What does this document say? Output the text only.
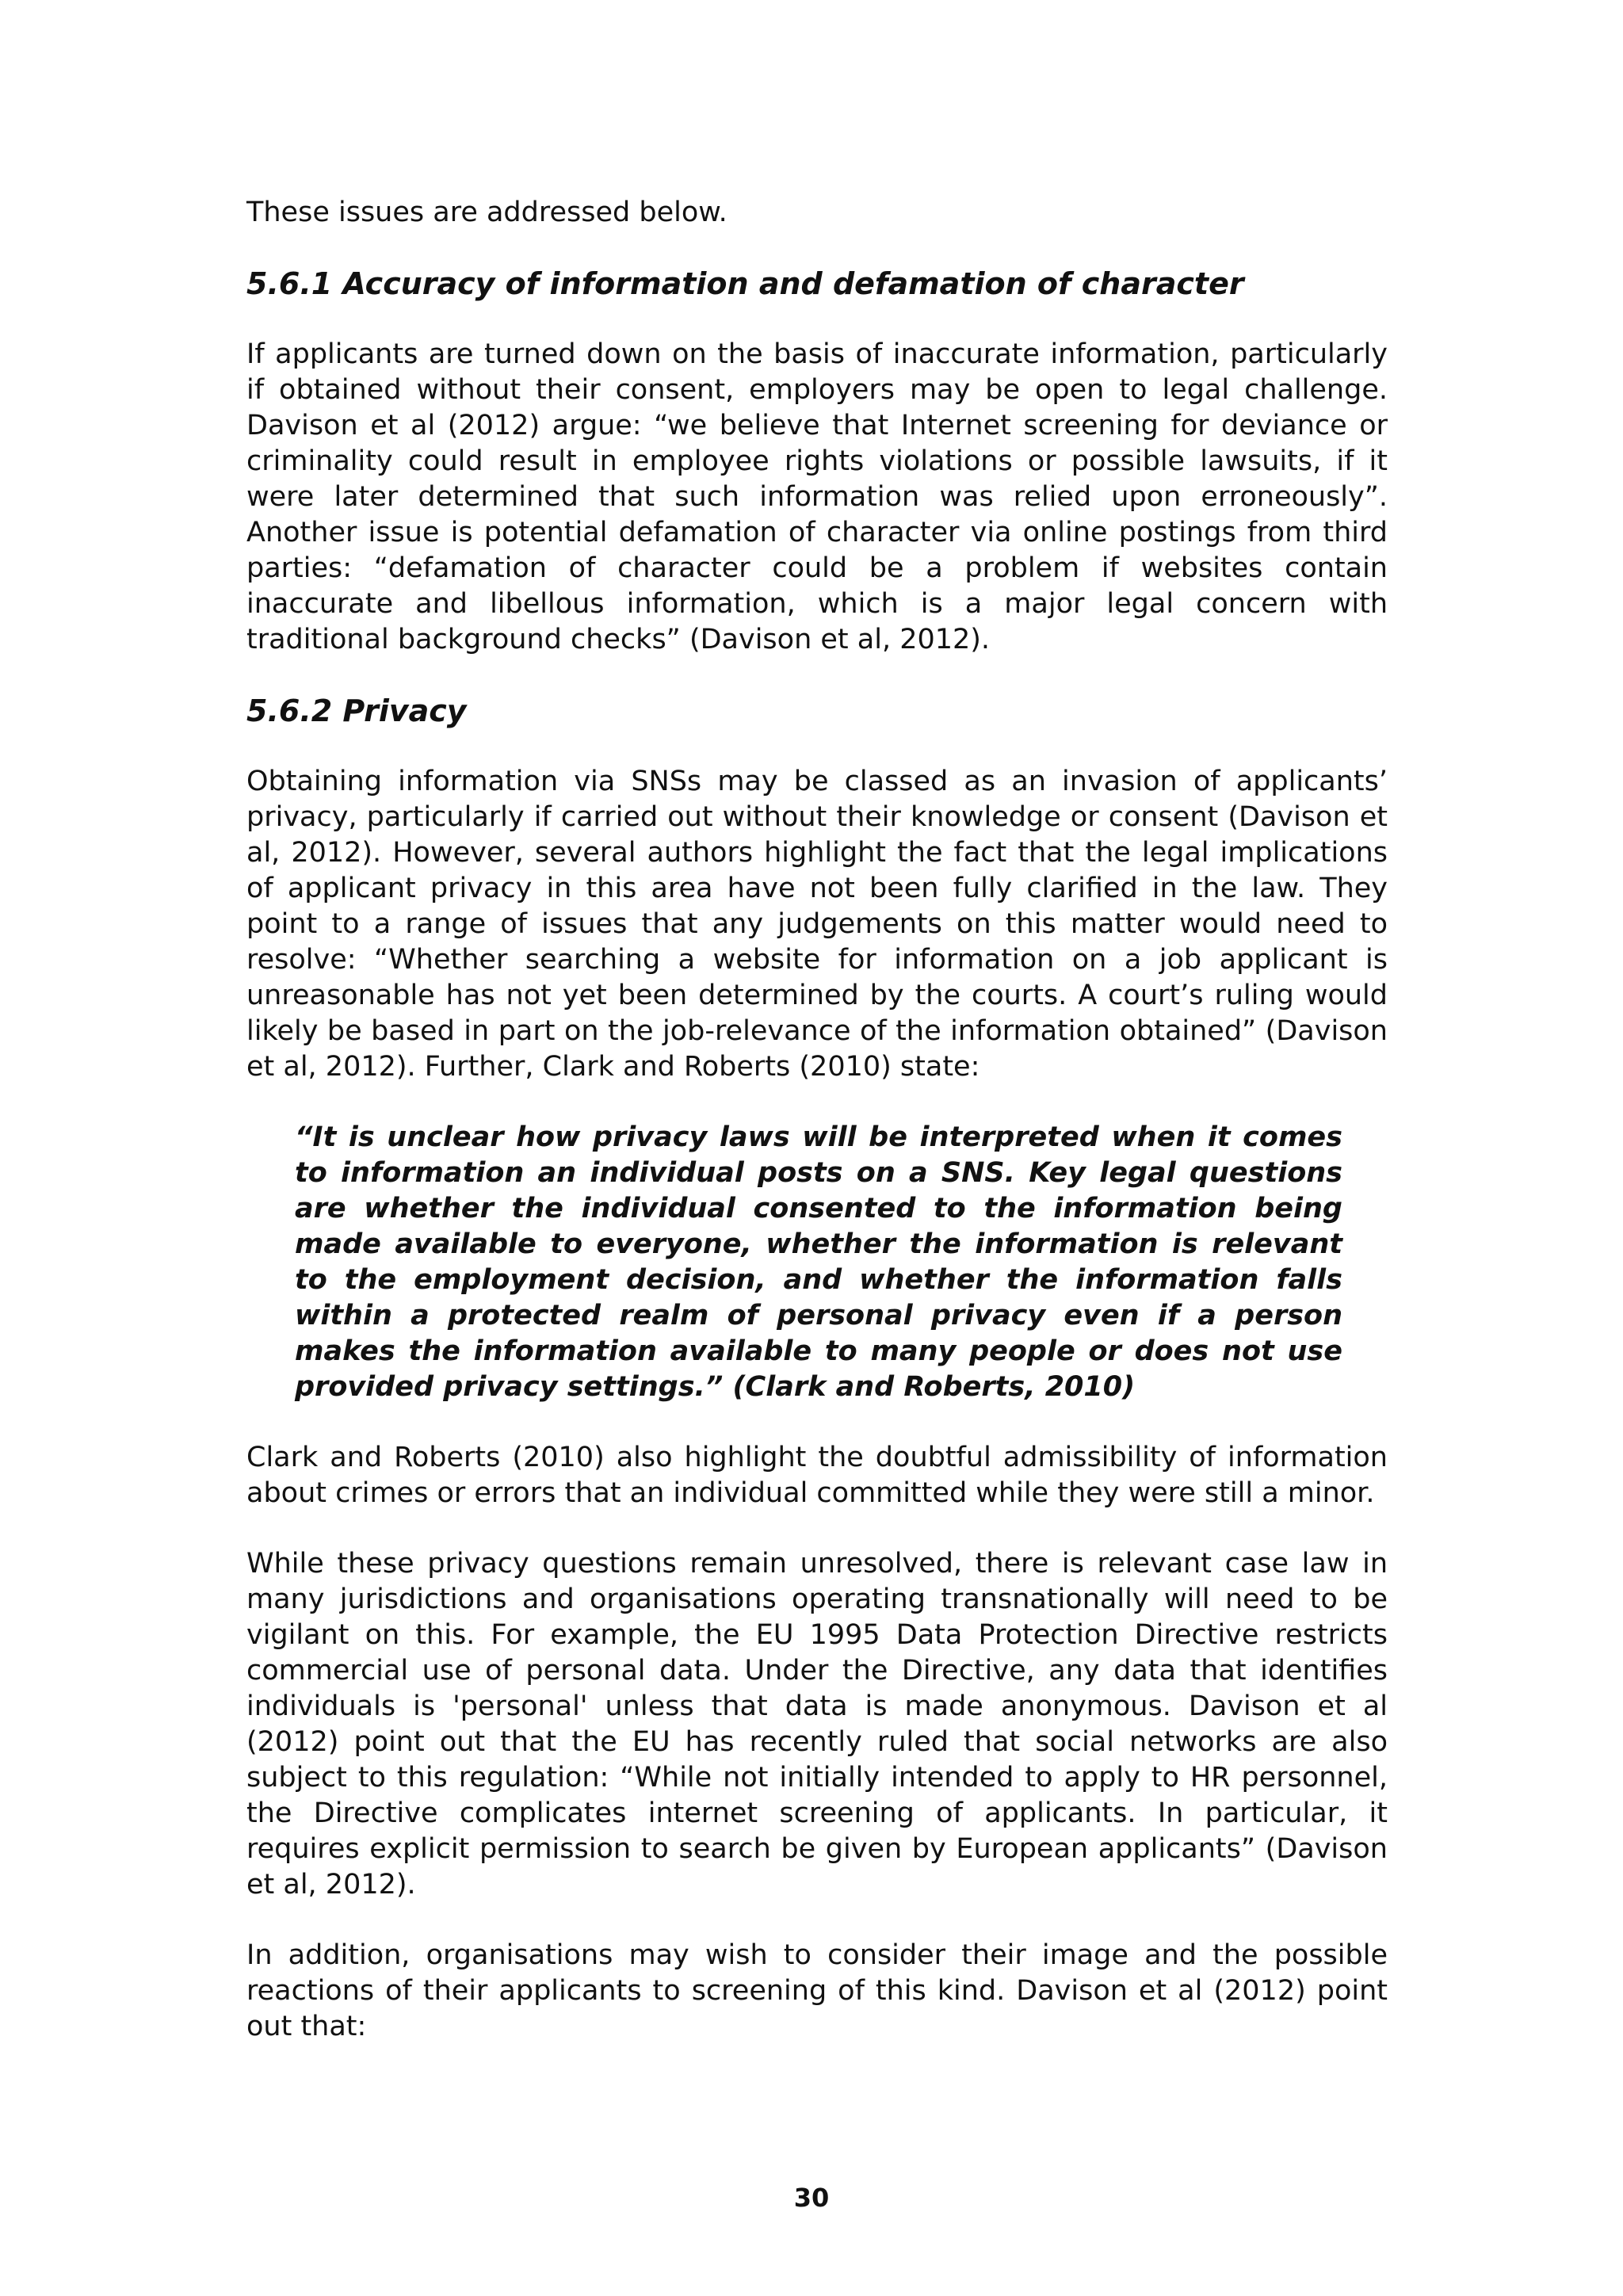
These issues are addressed below.

5.6.1 Accuracy of information and defamation of character

If applicants are turned down on the basis of inaccurate information, particularly if obtained without their consent, employers may be open to legal challenge. Davison et al (2012) argue: “we believe that Internet screening for deviance or criminality could result in employee rights violations or possible lawsuits, if it were later determined that such information was relied upon erroneously”. Another issue is potential defamation of character via online postings from third parties: “defamation of character could be a problem if websites contain inaccurate and libellous information, which is a major legal concern with traditional background checks” (Davison et al, 2012).

5.6.2 Privacy

Obtaining information via SNSs may be classed as an invasion of applicants’ privacy, particularly if carried out without their knowledge or consent (Davison et al, 2012). However, several authors highlight the fact that the legal implications of applicant privacy in this area have not been fully clarified in the law. They point to a range of issues that any judgements on this matter would need to resolve: “Whether searching a website for information on a job applicant is unreasonable has not yet been determined by the courts. A court’s ruling would likely be based in part on the job-relevance of the information obtained” (Davison et al, 2012). Further, Clark and Roberts (2010) state:

“It is unclear how privacy laws will be interpreted when it comes to information an individual posts on a SNS. Key legal questions are whether the individual consented to the information being made available to everyone, whether the information is relevant to the employment decision, and whether the information falls within a protected realm of personal privacy even if a person makes the information available to many people or does not use provided privacy settings.” (Clark and Roberts, 2010)

Clark and Roberts (2010) also highlight the doubtful admissibility of information about crimes or errors that an individual committed while they were still a minor.

While these privacy questions remain unresolved, there is relevant case law in many jurisdictions and organisations operating transnationally will need to be vigilant on this. For example, the EU 1995 Data Protection Directive restricts commercial use of personal data. Under the Directive, any data that identifies individuals is 'personal' unless that data is made anonymous. Davison et al (2012) point out that the EU has recently ruled that social networks are also subject to this regulation: “While not initially intended to apply to HR personnel, the Directive complicates internet screening of applicants. In particular, it requires explicit permission to search be given by European applicants” (Davison et al, 2012).

In addition, organisations may wish to consider their image and the possible reactions of their applicants to screening of this kind. Davison et al (2012) point out that:

30
